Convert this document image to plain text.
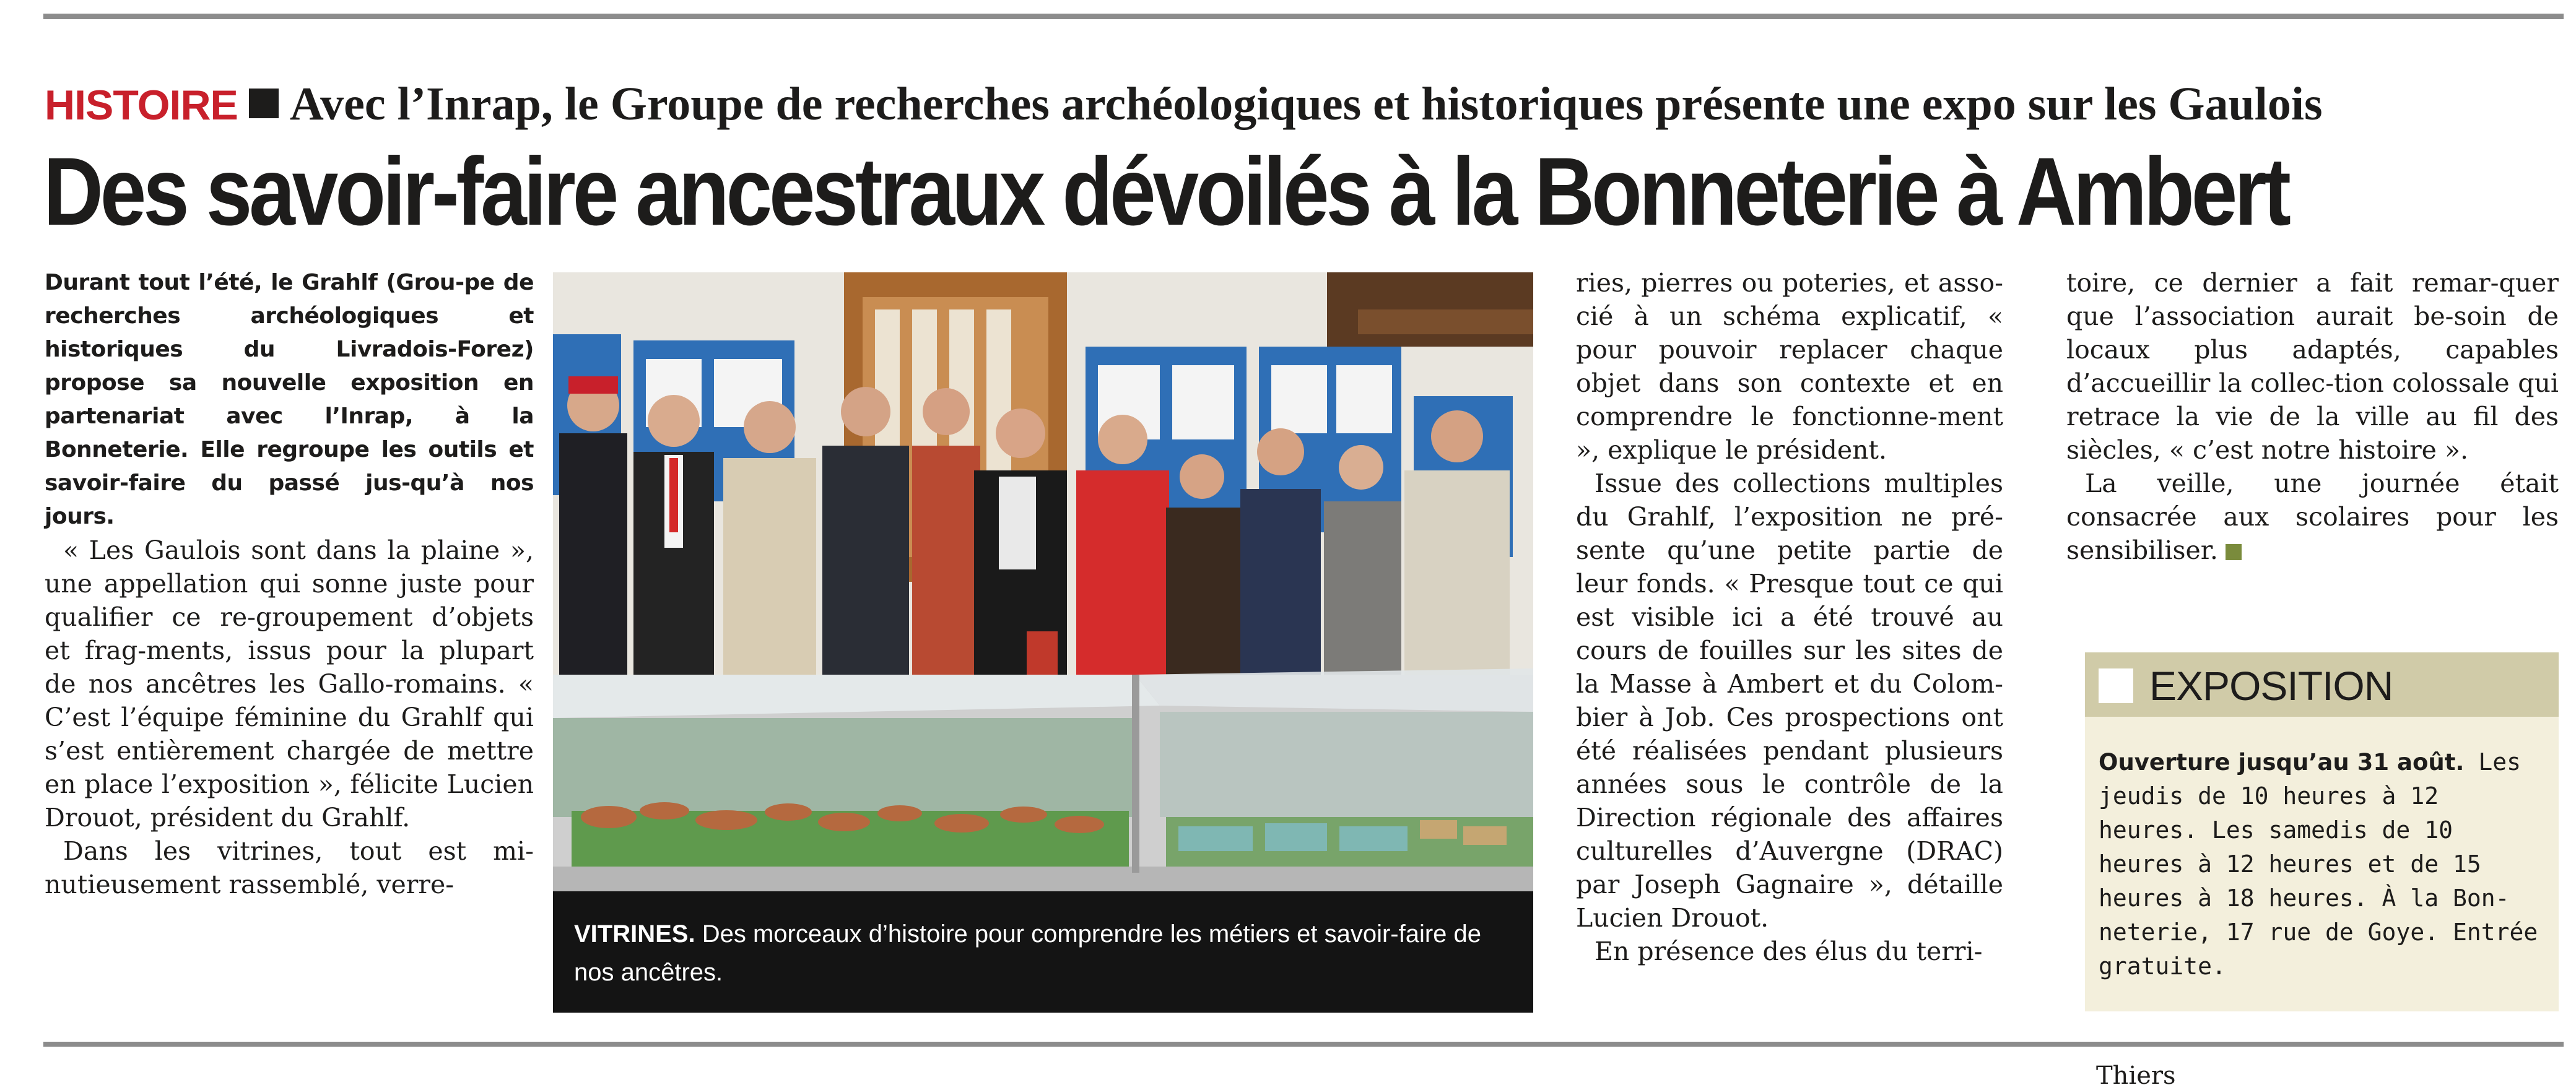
HISTOIRE Avec l’Inrap, le Groupe de recherches archéologiques et historiques présente une expo sur les Gaulois
Des savoir-faire ancestraux dévoilés à la Bonneterie à Ambert

Durant tout l’été, le Grahlf (Grou-pe de recherches archéologiques et historiques du Livradois-Forez) propose sa nouvelle exposition en partenariat avec l’Inrap, à la Bonneterie. Elle regroupe les outils et savoir-faire du passé jus-qu’à nos jours.

« Les Gaulois sont dans la plaine », une appellation qui sonne juste pour qualifier ce re-groupement d’objets et frag-ments, issus pour la plupart de nos ancêtres les Gallo-romains. « C’est l’équipe féminine du Grahlf qui s’est entièrement chargée de mettre en place l’exposition », félicite Lucien Drouot, président du Grahlf.

Dans les vitrines, tout est mi-nutieusement rassemblé, verre-

VITRINES. Des morceaux d’histoire pour comprendre les métiers et savoir-faire de nos ancêtres.

ries, pierres ou poteries, et asso-cié à un schéma explicatif, « pour pouvoir replacer chaque objet dans son contexte et en comprendre le fonctionne-ment », explique le président.

Issue des collections multiples du Grahlf, l’exposition ne pré-sente qu’une petite partie de leur fonds. « Presque tout ce qui est visible ici a été trouvé au cours de fouilles sur les sites de la Masse à Ambert et du Colom-bier à Job. Ces prospections ont été réalisées pendant plusieurs années sous le contrôle de la Direction régionale des affaires culturelles d’Auvergne (DRAC) par Joseph Gagnaire », détaille Lucien Drouot.

En présence des élus du terri-

toire, ce dernier a fait remar-quer que l’association aurait be-soin de locaux plus adaptés, capables d’accueillir la collec-tion colossale qui retrace la vie de la ville au fil des siècles, « c’est notre histoire ».

La veille, une journée était consacrée aux scolaires pour les sensibiliser.

EXPOSITION
Ouverture jusqu’au 31 août. Les jeudis de 10 heures à 12 heures. Les samedis de 10 heures à 12 heures et de 15 heures à 18 heures. À la Bon-neterie, 17 rue de Goye. Entrée gratuite.
Thiers
